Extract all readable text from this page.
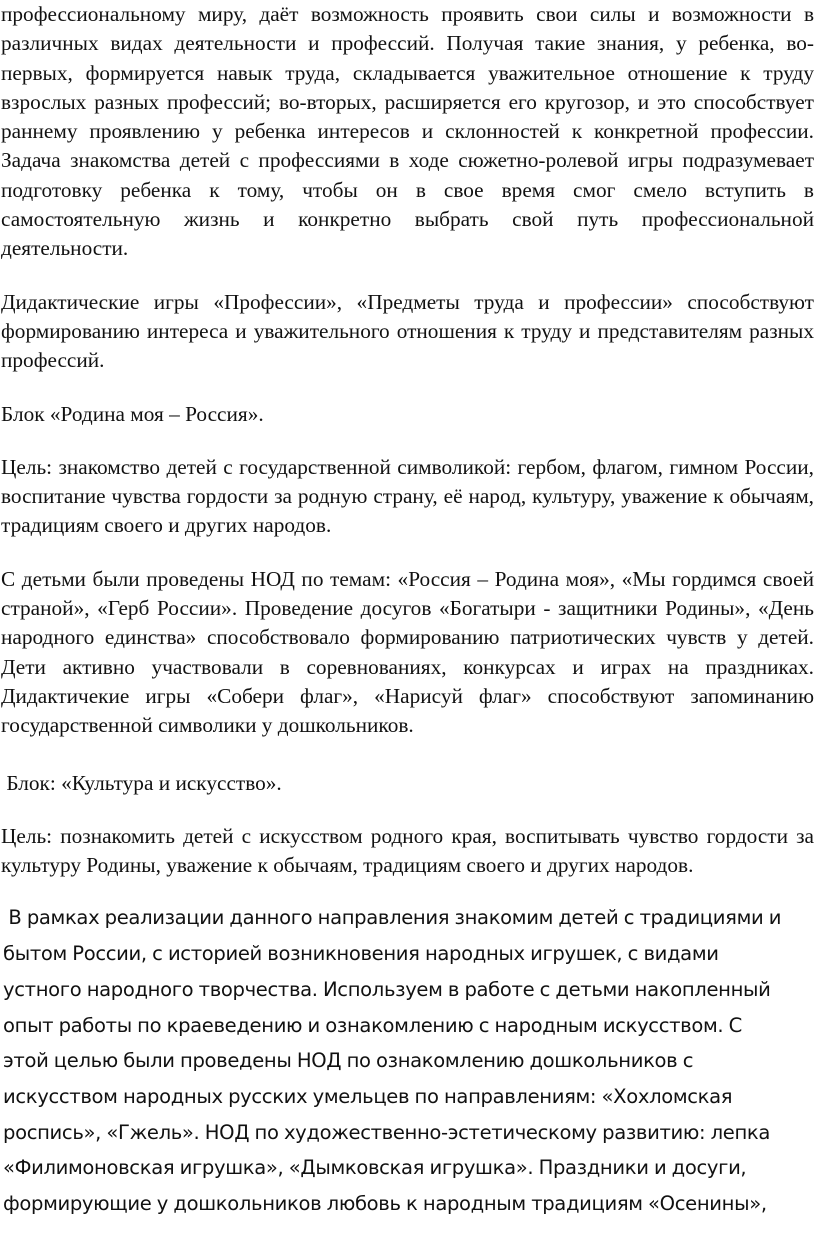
профессиональному миру, даёт возможность проявить свои силы и возможности в различных видах деятельности и профессий. Получая такие знания, у ребенка, во-первых, формируется навык труда, складывается уважительное отношение к труду взрослых разных профессий; во-вторых, расширяется его кругозор, и это способствует раннему проявлению у ребенка интересов и склонностей к конкретной профессии. Задача знакомства детей с профессиями в ходе сюжетно-ролевой игры подразумевает подготовку ребенка к тому, чтобы он в свое время смог смело вступить в самостоятельную жизнь и конкретно выбрать свой путь профессиональной деятельности.

Дидактические игры «Профессии», «Предметы труда и профессии» способствуют формированию интереса и уважительного отношения к труду и представителям разных профессий.

Блок «Родина моя – Россия».

Цель: знакомство детей с государственной символикой: гербом, флагом, гимном России, воспитание чувства гордости за родную страну, её народ, культуру, уважение к обычаям, традициям своего и других народов.

С детьми были проведены НОД по темам: «Россия – Родина моя», «Мы гордимся своей страной», «Герб России». Проведение досугов «Богатыри - защитники Родины», «День народного единства» способствовало формированию патриотических чувств у детей. Дети активно участвовали в соревнованиях, конкурсах и играх на праздниках. Дидактичекие игры «Собери флаг», «Нарисуй флаг» способствуют запоминанию государственной символики у дошкольников.

Блок: «Культура и искусство».

Цель: познакомить детей с искусством родного края, воспитывать чувство гордости за культуру Родины, уважение к обычаям, традициям своего и других народов.

В рамках реализации данного направления знакомим детей с традициями и
бытом России, с историей возникновения народных игрушек, с видами
устного народного творчества. Используем в работе с детьми накопленный
опыт работы по краеведению и ознакомлению с народным искусством. С
этой целью были проведены НОД по ознакомлению дошкольников с
искусством народных русских умельцев по направлениям: «Хохломская
роспись», «Гжель». НОД по художественно-эстетическому развитию: лепка
«Филимоновская игрушка», «Дымковская игрушка». Праздники и досуги,
формирующие у дошкольников любовь к народным традициям «Осенины»,
